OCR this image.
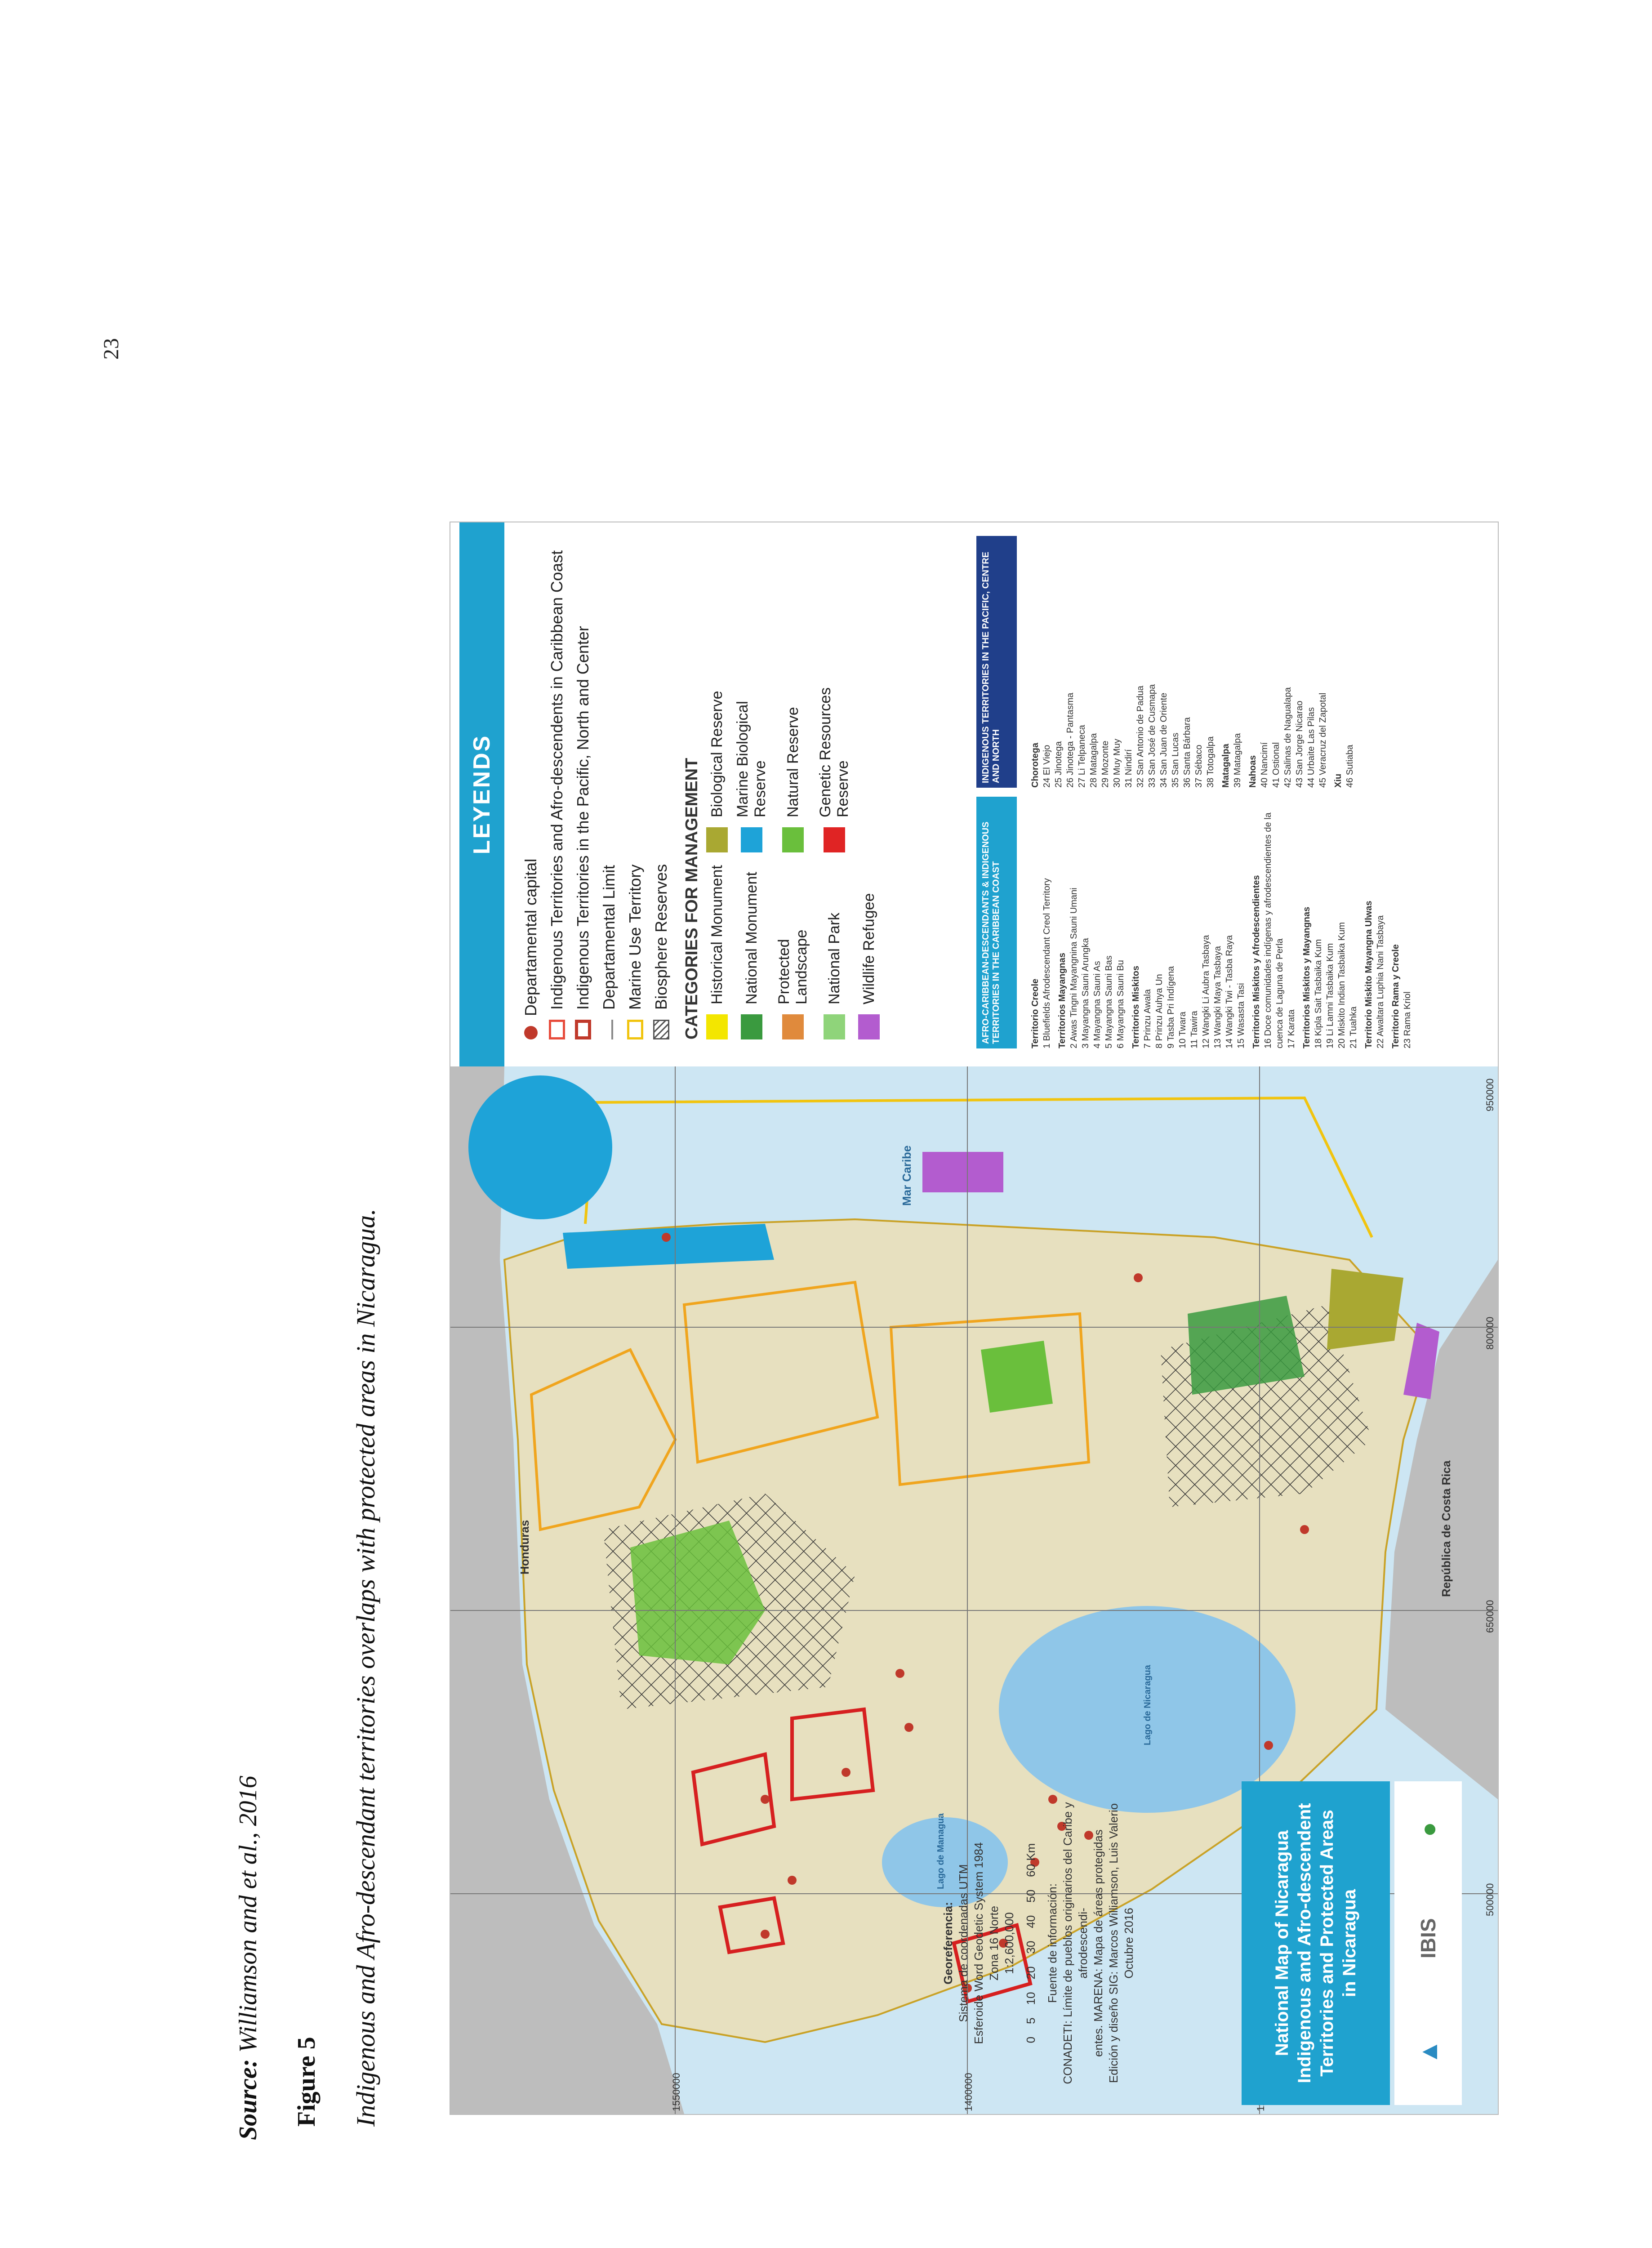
23
Figure 5 Indigenous and Afro-descendant territories overlaps with protected areas in Nicaragua.
Source: Williamson and et al., 2016
Honduras	República de Costa Rica
Mar Caribe
Lago de Managua
Lago de Nicaragua
500000
650000
800000
950000
1550000	1400000
Georeferencia: Sistema de coordenadas UTM Esferoide Word Geodetic System 1984 Zona 16 Norte 1:2,600,000
0
5
10
20
30
40
50
60 Km
Fuente de información: CONADETI: Límite de pueblos originarios del Caribe y afrodescendi- entes. MARENA: Mapa de áreas protegidas Edición y diseño SIG: Marcos Williamson, Luis Valerio Octubre 2016	National Map of Nicaragua Indigenous and Afro-descendent Territories and Protected Areas in Nicaragua
▲
IBIS
●
LEYENDS
Departamental capital Indigenous Territories and Afro-descendents in Caribbean Coast Indigenous Territories in the Pacific, North and Center Departamental Limit Marine Use Territory Biosphere Reserves CATEGORIES FOR MANAGEMENT Historical Monument
Biological Reserve
National Monument
Marine Biological Reserve
Protected Landscape
Natural Reserve
National Park
Genetic Resources Reserve
Wildlife Refugee	AFRO-CARIBBEAN-DESCENDANTS & INDIGENOUS TERRITORIES IN THE CARIBBEAN COAST
INDIGENOUS TERRITORIES IN THE PACIFIC, CENTRE AND NORTH
Territorio Creole 1 Bluefields Afrodescendant Creol Territory Territorios Mayangnas 2 Awas Tingni Mayangnina Sauni Umani 3 Mayangna Sauni Arungka 4 Mayangna Sauni As 5 Mayangna Sauni Bas 6 Mayangna Sauni Bu Territorios Miskitos 7 Prinzu Awala 8 Prinzu Auhya Un 9 Tasba Pri Indígena 10 Twara 11 Tawira 12 Wangki Li Aubra Tasbaya 13 Wangki Maya Tasbaya 14 Wangki Twi - Tasba Raya 15 Wasasta Tasi Territorios Miskitos y Afrodescendientes 16 Doce comunidades indígenas y afrodescendientes de la cuenca de Laguna de Perla 17 Karata Territorios Miskitos y Mayangnas 18 Kipla Sait Tasbaika Kum 19 Li Lamni Tasbaika Kum 20 Miskito Indian Tasbaika Kum 21 Tuahka Territorio Miskito Mayangna Ulwas 22 Awaltara Luphia Nani Tasbaya Territorio Rama y Creole 23 Rama Kriol
Chorotega 24 El Viejo 25 Jinotega 26 Jinotega - Pantasma 27 Li Telpaneca 28 Matagalpa 29 Mozonte 30 Muy Muy 31 Nindirí 32 San Antonio de Padua 33 San José de Cusmapa 34 San Juan de Oriente 35 San Lucas 36 Santa Bárbara 37 Sébaco 38 Totogalpa Matagalpa 39 Matagalpa Nahoas 40 Nancimí 41 Ostional 42 Salinas de Nagualapa 43 San Jorge Nicarao 44 Urbaite Las Pilas 45 Veracruz del Zapotal Xiu 46 Sutiaba
